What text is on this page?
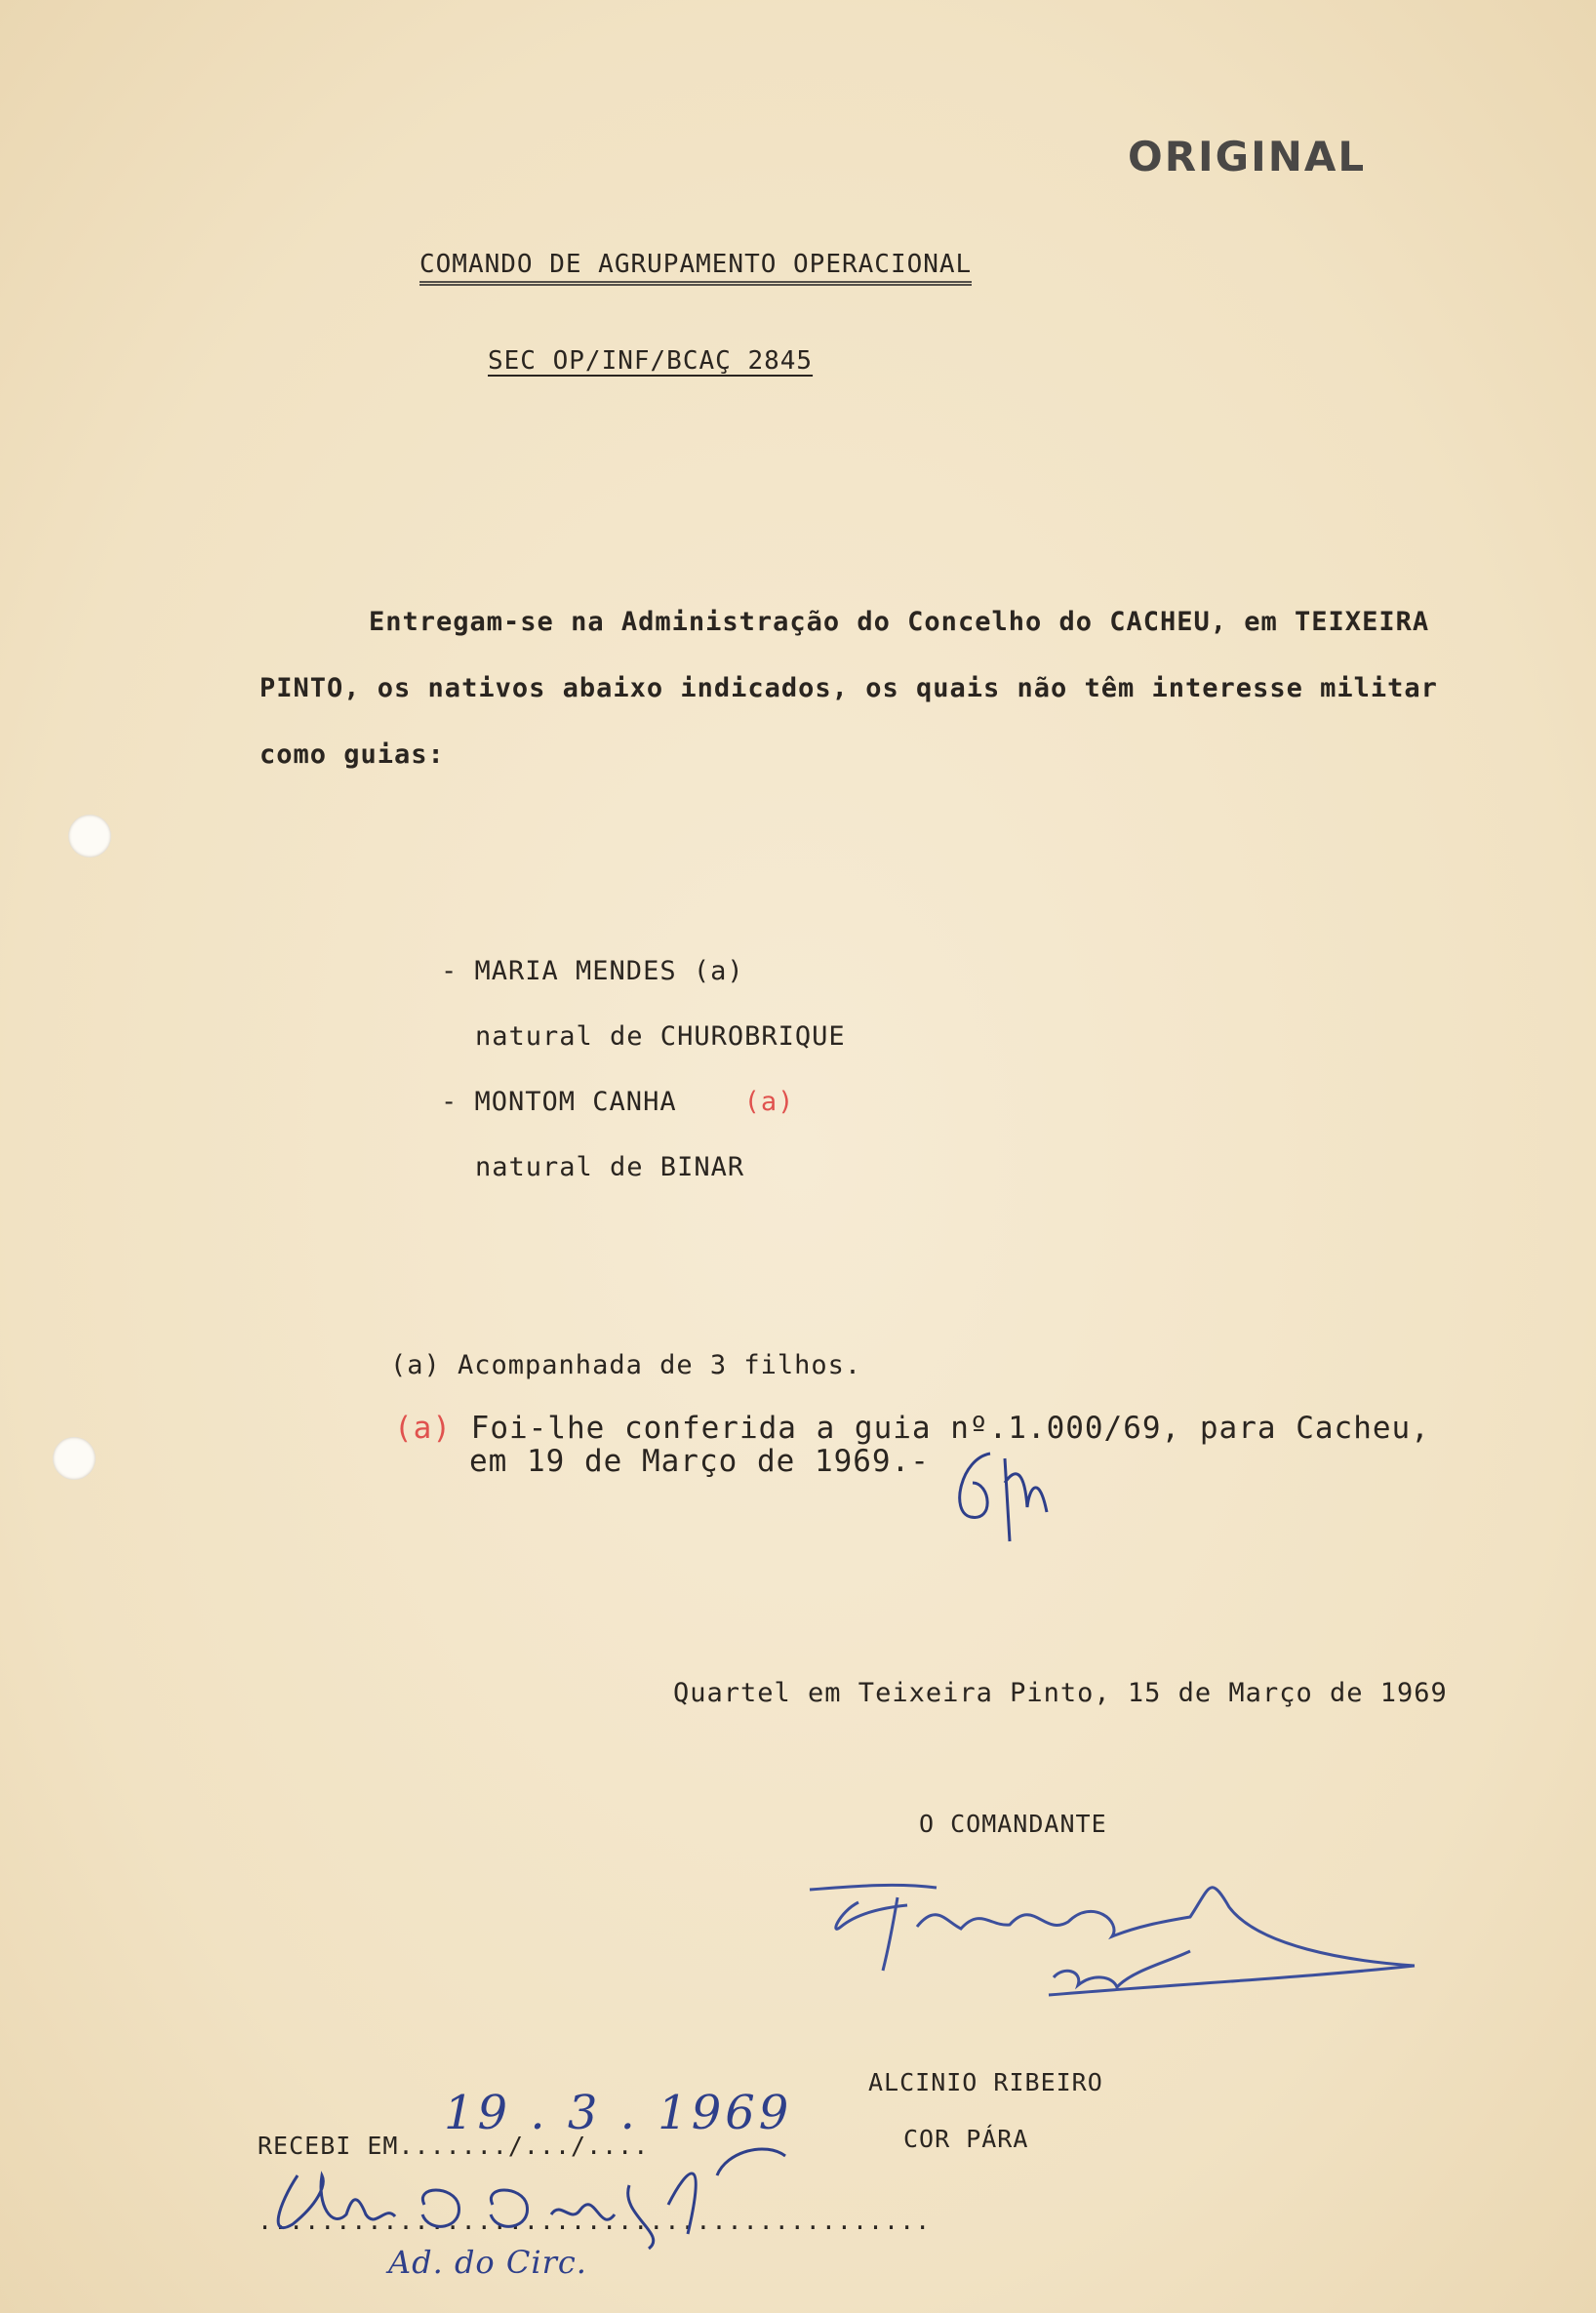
ORIGINAL
COMANDO DE AGRUPAMENTO OPERACIONAL
SEC OP/INF/BCAÇ 2845
Entregam-se na Administração do Concelho do CACHEU, em TEIXEIRA
PINTO, os nativos abaixo indicados, os quais não têm interesse militar
como guias:
- MARIA MENDES (a)
natural de CHUROBRIQUE
- MONTOM CANHA    (a)
natural de BINAR
(a) Acompanhada de 3 filhos.
(a) Foi-lhe conferida a guia nº.1.000/69, para Cacheu,
em 19 de Março de 1969.-
Quartel em Teixeira Pinto, 15 de Março de 1969
O COMANDANTE
ALCINIO RIBEIRO
COR PÁRA
RECEBI EM......./.../....
19 . 3 . 1969
...........................................
Ad. do Circ.
